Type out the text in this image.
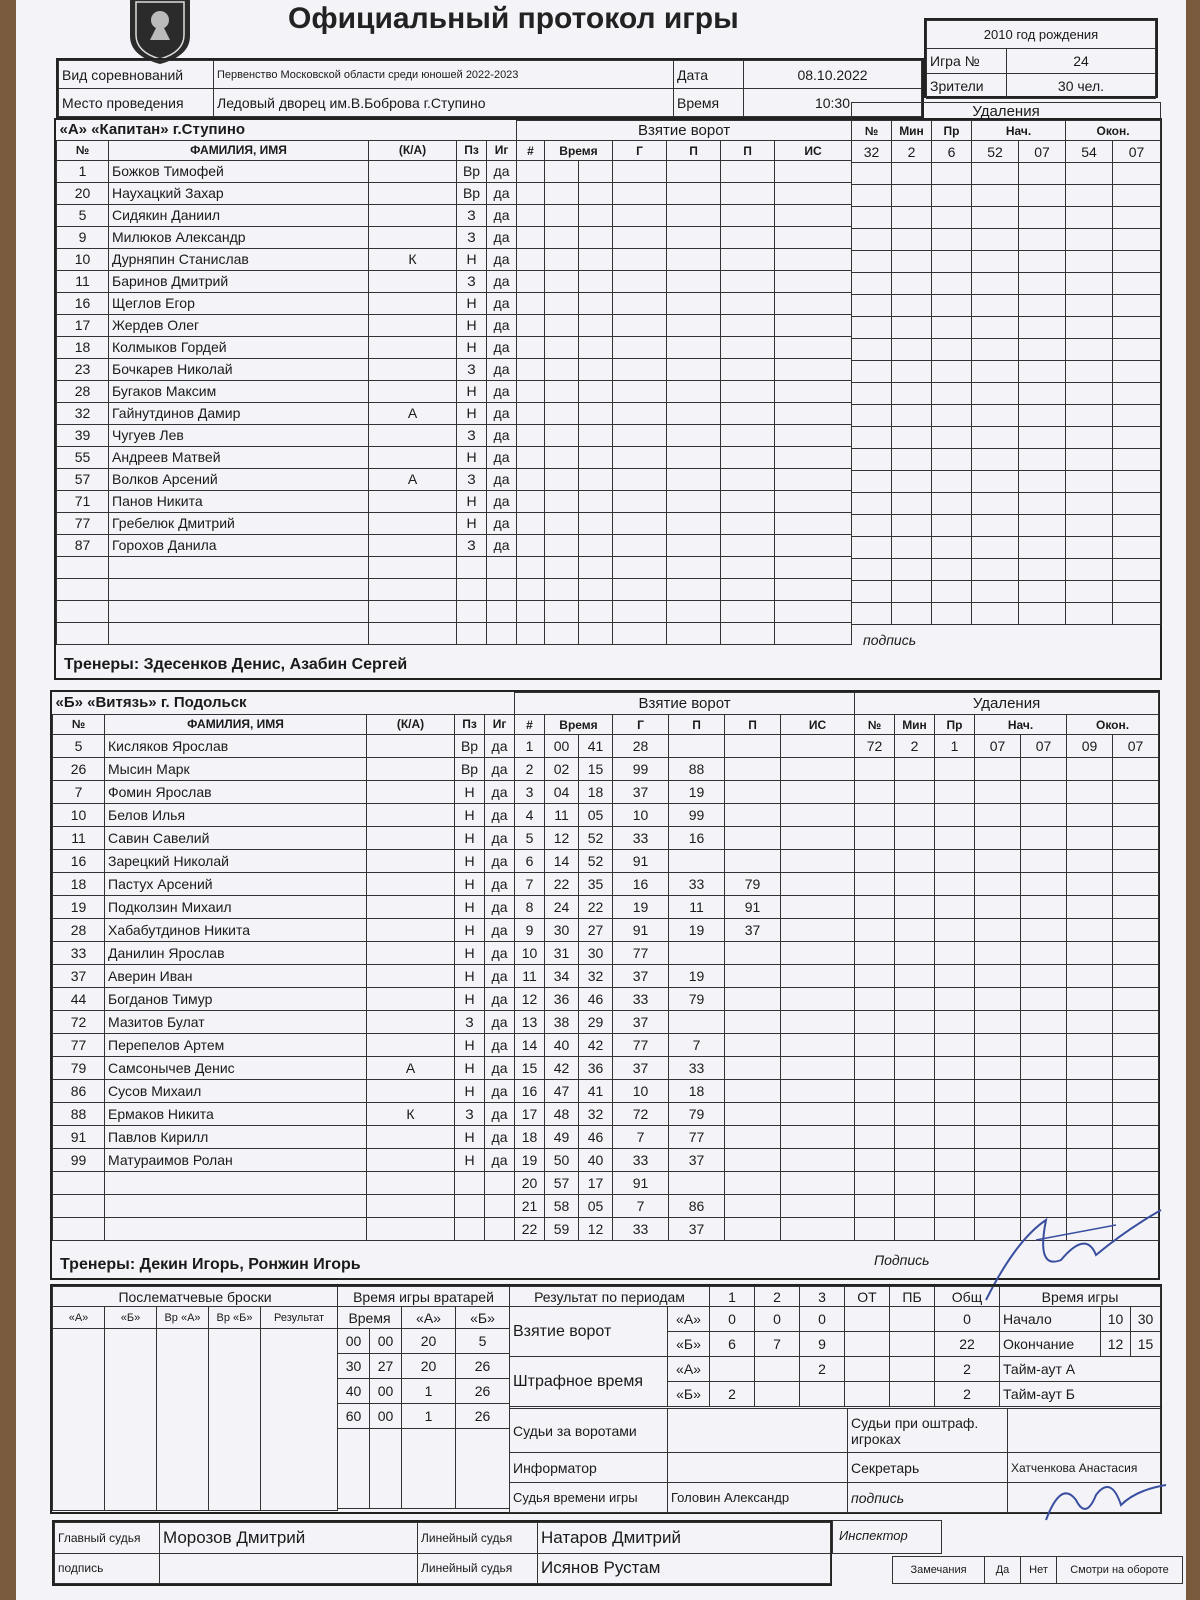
Официальный протокол игры
Вид соревнований	Первенство Московской области среди юношей 2022-2023	Дата	08.10.2022
Место проведения	Ледовый дворец им.В.Боброва г.Ступино	Время	10:30
2010 год рождения	
Игра №	24
Зрители	30 чел.
«А» «Капитан» г.Ступино				
№	ФАМИЛИЯ, ИМЯ	(К/А)	Пз	Иг
1	Божков Тимофей		Вр	да
20	Наухацкий Захар		Вр	да
5	Сидякин Даниил		З	да
9	Милюков Александр		З	да
10	Дурняпин Станислав	К	Н	да
11	Баринов Дмитрий		З	да
16	Щеглов Егор		Н	да
17	Жердев Олег		Н	да
18	Колмыков Гордей		Н	да
23	Бочкарев Николай		З	да
28	Бугаков Максим		Н	да
32	Гайнутдинов Дамир	А	Н	да
39	Чугуев Лев		З	да
55	Андреев Матвей		Н	да
57	Волков Арсений	А	З	да
71	Панов Никита		Н	да
77	Гребелюк Дмитрий		Н	да
87	Горохов Данила		З	да

Взятие ворот						
#	Время		Г	П	П	ИС

Удаления						
№	Мин	Пр	Нач.		Окон.	
32	2	6	52	07	54	07

подпись
Тренеры: Здесенков Денис, Азабин Сергей
«Б» «Витязь» г. Подольск				
№	ФАМИЛИЯ, ИМЯ	(К/А)	Пз	Иг
5	Кисляков Ярослав		Вр	да
26	Мысин Марк		Вр	да
7	Фомин Ярослав		Н	да
10	Белов Илья		Н	да
11	Савин Савелий		Н	да
16	Зарецкий Николай		Н	да
18	Пастух Арсений		Н	да
19	Подколзин Михаил		Н	да
28	Хабабутдинов Никита		Н	да
33	Данилин Ярослав		Н	да
37	Аверин Иван		Н	да
44	Богданов Тимур		Н	да
72	Мазитов Булат		З	да
77	Перепелов Артем		Н	да
79	Самсонычев Денис	А	Н	да
86	Сусов Михаил		Н	да
88	Ермаков Никита	К	З	да
91	Павлов Кирилл		Н	да
99	Матураимов Ролан		Н	да

Взятие ворот						
#	Время		Г	П	П	ИС
1	00	41	28			
2	02	15	99	88		
3	04	18	37	19		
4	11	05	10	99		
5	12	52	33	16		
6	14	52	91			
7	22	35	16	33	79	
8	24	22	19	11	91	
9	30	27	91	19	37	
10	31	30	77			
11	34	32	37	19		
12	36	46	33	79		
13	38	29	37			
14	40	42	77	7		
15	42	36	37	33		
16	47	41	10	18		
17	48	32	72	79		
18	49	46	7	77		
19	50	40	33	37		
20	57	17	91			
21	58	05	7	86		
22	59	12	33	37		
Удаления						
№	Мин	Пр	Нач.		Окон.	
72	2	1	07	07	09	07

Подпись
Тренеры: Декин Игорь, Ронжин Игорь
Послематчевые броски				
«А»	«Б»	Вр «А»	Вр «Б»	Результат

Время игры вратарей			
Время		«А»	«Б»
00	00	20	5
30	27	20	26
40	00	1	26
60	00	1	26

Результат по периодам		1	2	3	ОТ	ПБ	Общ
Взятие ворот	«А»	0	0	0			0
	«Б»	6	7	9			22
Штрафное время	«А»			2			2
	«Б»	2					2
Время игры		
Начало	10	30
Окончание	12	15
Тайм-аут А		
Тайм-аут Б		
Судьи за воротами		Судьи при оштраф. игроках	
Информатор		Секретарь	Хатченкова Анастасия
Судья времени игры	Головин Александр	подпись	
Главный судья	Морозов Дмитрий	Линейный судья	Натаров Дмитрий
подпись		Линейный судья	Исянов Рустам
Инспектор
Замечания	Да	Нет	Смотри на обороте
